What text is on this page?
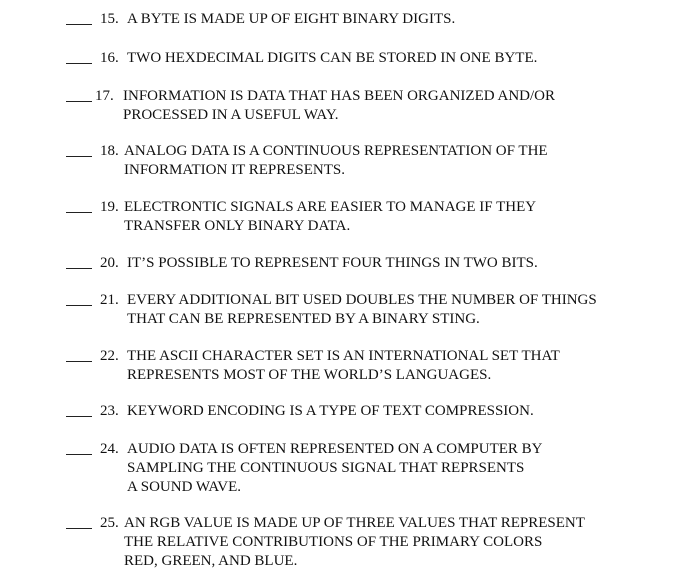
15. A BYTE IS MADE UP OF EIGHT BINARY DIGITS.
16. TWO HEXDECIMAL DIGITS CAN BE STORED IN ONE BYTE.
17. INFORMATION IS DATA THAT HAS BEEN ORGANIZED AND/OR
PROCESSED IN A USEFUL WAY.
18. ANALOG DATA IS A CONTINUOUS REPRESENTATION OF THE
INFORMATION IT REPRESENTS.
19. ELECTRONTIC SIGNALS ARE EASIER TO MANAGE IF THEY
TRANSFER ONLY BINARY DATA.
20. IT’S POSSIBLE TO REPRESENT FOUR THINGS IN TWO BITS.
21. EVERY ADDITIONAL BIT USED DOUBLES THE NUMBER OF THINGS
THAT CAN BE REPRESENTED BY A BINARY STING.
22. THE ASCII CHARACTER SET IS AN INTERNATIONAL SET THAT
REPRESENTS MOST OF THE WORLD’S LANGUAGES.
23. KEYWORD ENCODING IS A TYPE OF TEXT COMPRESSION.
24. AUDIO DATA IS OFTEN REPRESENTED ON A COMPUTER BY
SAMPLING THE CONTINUOUS SIGNAL THAT REPRSENTS
A SOUND WAVE.
25. AN RGB VALUE IS MADE UP OF THREE VALUES THAT REPRESENT
THE RELATIVE CONTRIBUTIONS OF THE PRIMARY COLORS
RED, GREEN, AND BLUE.
